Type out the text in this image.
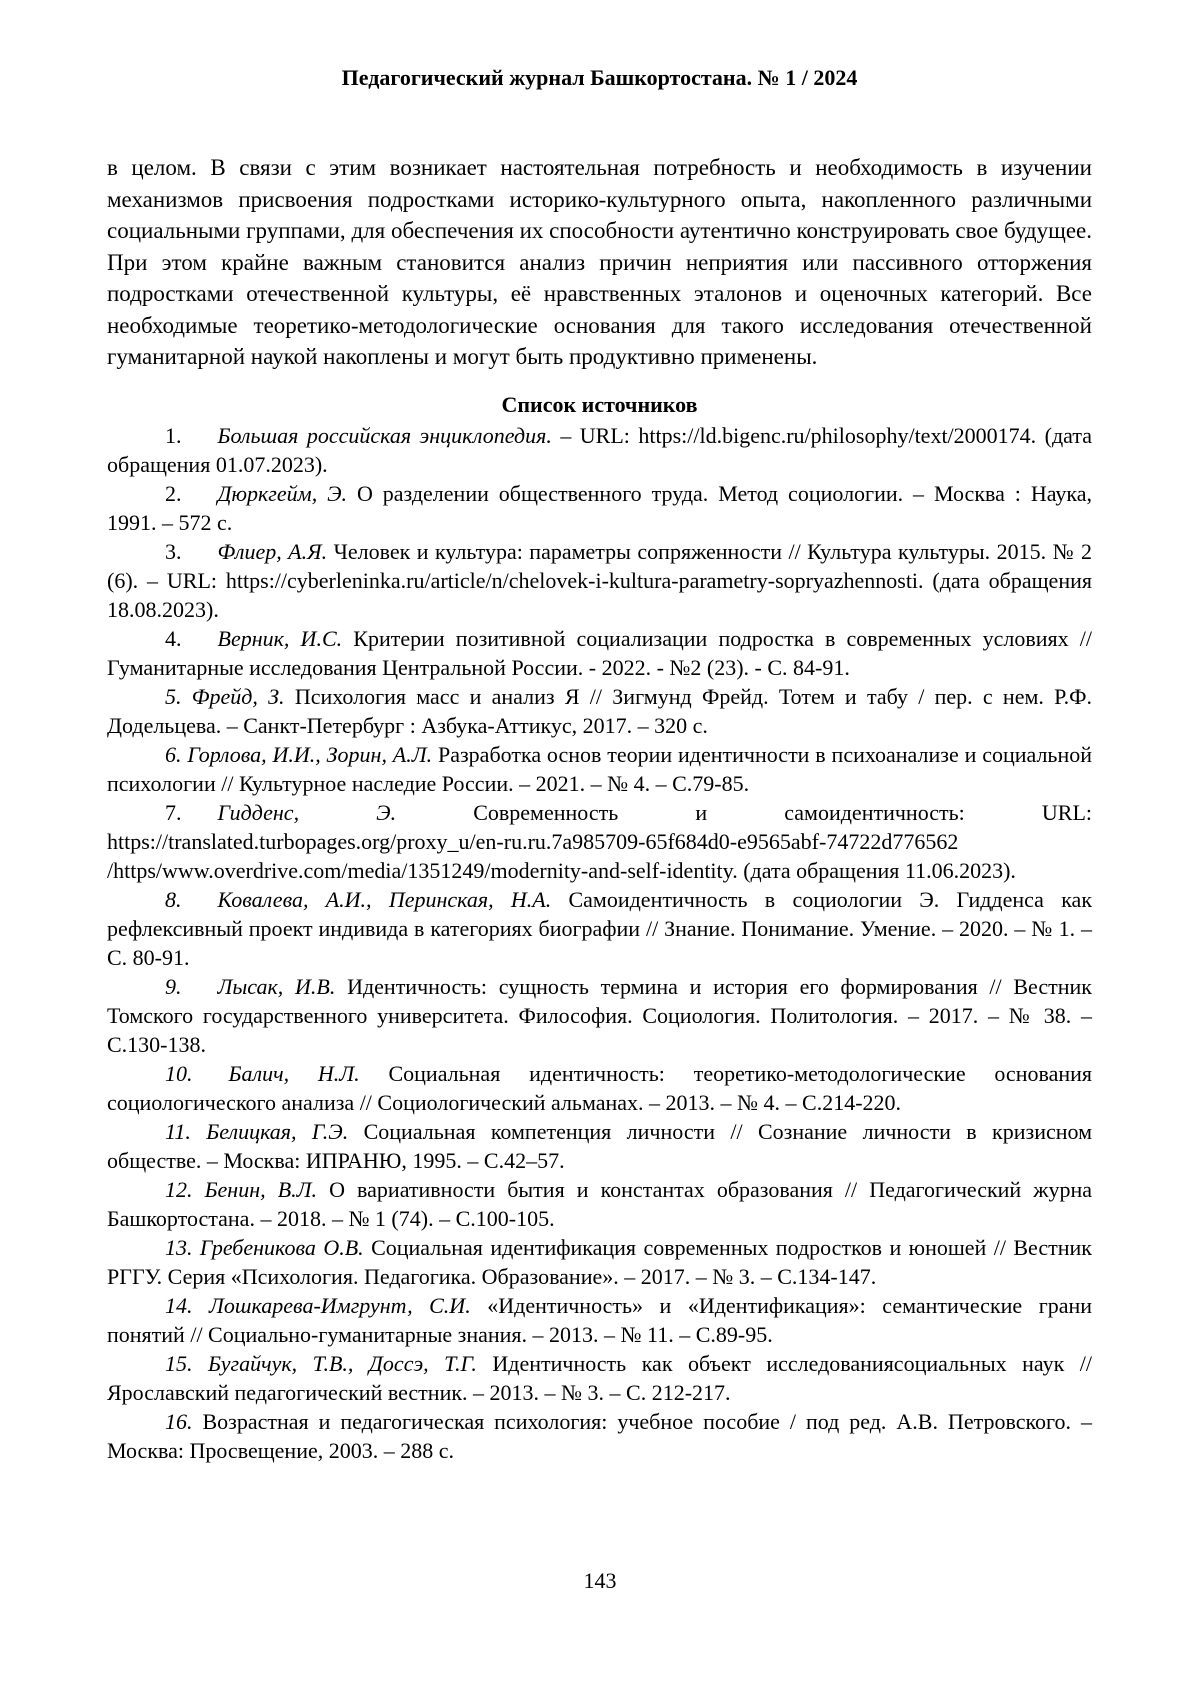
Педагогический журнал Башкортостана. № 1 / 2024

в целом. В связи с этим возникает настоятельная потребность и необходимость в изучении механизмов присвоения подростками историко-культурного опыта, накопленного различными социальными группами, для обеспечения их способности аутентично конструировать свое будущее. При этом крайне важным становится анализ причин неприятия или пассивного отторжения подростками отечественной культуры, её нравственных эталонов и оценочных категорий. Все необходимые теоретико-методологические основания для такого исследования отечественной гуманитарной наукой накоплены и могут быть продуктивно применены.

Список источников

1. Большая российская энциклопедия. – URL: https://ld.bigenc.ru/philosophy/text/2000174. (дата обращения 01.07.2023).

2. Дюркгейм, Э. О разделении общественного труда. Метод социологии. – Москва : Наука, 1991. – 572 с.

3. Флиер, А.Я. Человек и культура: параметры сопряженности // Культура культуры. 2015. № 2 (6). – URL: https://cyberleninka.ru/article/n/chelovek-i-kultura-parametry-sopryazhennosti. (дата обращения 18.08.2023).

4. Верник, И.С. Критерии позитивной социализации подростка в современных условиях // Гуманитарные исследования Центральной России. - 2022. - №2 (23). - С. 84-91.

5. Фрейд, З. Психология масс и анализ Я // Зигмунд Фрейд. Тотем и табу / пер. с нем. Р.Ф. Додельцева. – Санкт-Петербург : Азбука-Аттикус, 2017. – 320 с.

6. Горлова, И.И., Зорин, А.Л. Разработка основ теории идентичности в психоанализе и социальной психологии // Культурное наследие России. – 2021. – № 4. – С.79-85.

7. Гидденс, Э.	Современность и самоидентичность: URL: https://translated.turbopages.org/proxy_u/en-ru.ru.7a985709-65f684d0-e9565abf-74722d776562 /https/www.overdrive.com/media/1351249/modernity-and-self-identity. (дата обращения 11.06.2023).

8. Ковалева, А.И., Перинская, Н.А. Самоидентичность в социологии Э. Гидденса как рефлексивный проект индивида в категориях биографии // Знание. Понимание. Умение. – 2020. – № 1. – С. 80-91.

9. Лысак, И.В. Идентичность: сущность термина и история его формирования // Вестник Томского государственного университета. Философия. Социология. Политология. – 2017. – № 38. – С.130-138.

10. Балич, Н.Л. Социальная идентичность: теоретико-методологические основания социологического анализа // Социологический альманах. – 2013. – № 4. – С.214-220.

11. Белицкая, Г.Э. Социальная компетенция личности // Сознание личности в кризисном обществе. – Москва: ИПРАНЮ, 1995. – С.42–57.

12. Бенин, В.Л. О вариативности бытия и константах образования // Педагогический журна Башкортостана. – 2018. – № 1 (74). – С.100-105.

13. Гребеникова О.В. Социальная идентификация современных подростков и юношей // Вестник РГГУ. Серия «Психология. Педагогика. Образование». – 2017. – № 3. – С.134-147.

14. Лошкарева-Имгрунт, С.И. «Идентичность» и «Идентификация»: семантические грани понятий // Социально-гуманитарные знания. – 2013. – № 11. – С.89-95.

15. Бугайчук, Т.В., Доссэ, Т.Г. Идентичность как объект исследованиясоциальных наук // Ярославский педагогический вестник. – 2013. – № 3. – С. 212-217.

16. Возрастная и педагогическая психология: учебное пособие / под ред. А.В. Петровского. – Москва: Просвещение, 2003. – 288 с.

143
